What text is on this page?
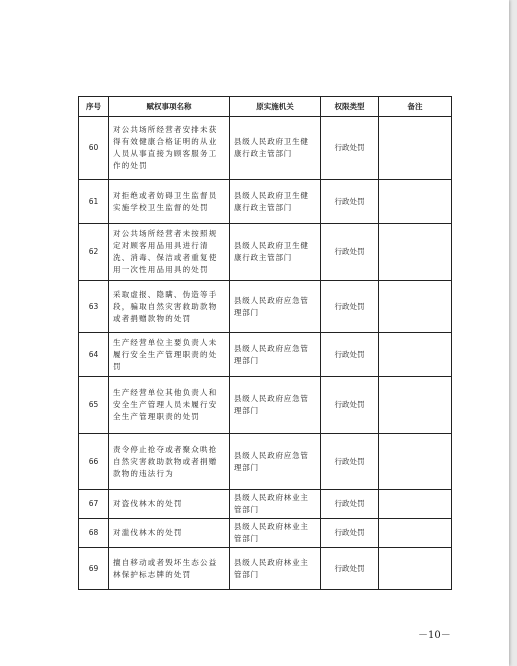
序号	赋权事项名称	原实施机关	权限类型	备注
60	对公共场所经营者安排未获得有效健康合格证明的从业人员从事直接为顾客服务工作的处罚	县级人民政府卫生健康行政主管部门	行政处罚	
61	对拒绝或者妨碍卫生监督员实施学校卫生监督的处罚	县级人民政府卫生健康行政主管部门	行政处罚	
62	对公共场所经营者未按照规定对顾客用品用具进行清洗、消毒、保洁或者重复使用一次性用品用具的处罚	县级人民政府卫生健康行政主管部门	行政处罚	
63	采取虚报、隐瞒、伪造等手段，骗取自然灾害救助款物或者捐赠款物的处罚	县级人民政府应急管理部门	行政处罚	
64	生产经营单位主要负责人未履行安全生产管理职责的处罚	县级人民政府应急管理部门	行政处罚	
65	生产经营单位其他负责人和安全生产管理人员未履行安全生产管理职责的处罚	县级人民政府应急管理部门	行政处罚	
66	责令停止抢夺或者聚众哄抢自然灾害救助款物或者捐赠款物的违法行为	县级人民政府应急管理部门	行政处罚	
67	对盗伐林木的处罚	县级人民政府林业主管部门	行政处罚	
68	对滥伐林木的处罚	县级人民政府林业主管部门	行政处罚	
69	擅自移动或者毁坏生态公益林保护标志牌的处罚	县级人民政府林业主管部门	行政处罚	
－10－
